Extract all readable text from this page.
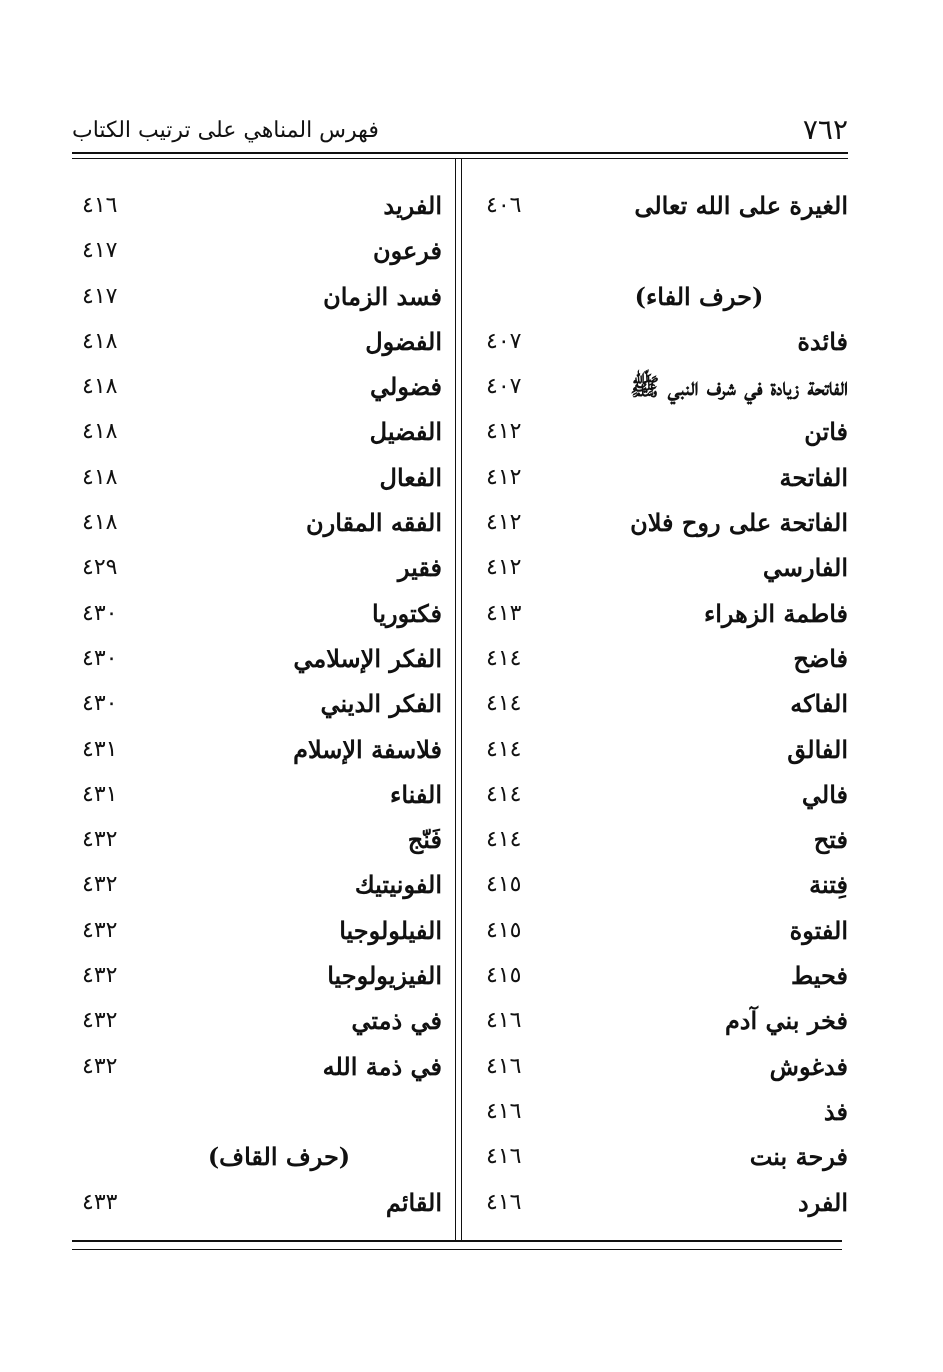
٧٦٢
فهرس المناهي على ترتيب الكتاب
الغيرة على الله تعالى
٤٠٦
(حرف الفاء)
فائدة
٤٠٧
الفاتحة زيادة في شرف النبي ﷺ
٤٠٧
فاتن
٤١٢
الفاتحة
٤١٢
الفاتحة على روح فلان
٤١٢
الفارسي
٤١٢
فاطمة الزهراء
٤١٣
فاضح
٤١٤
الفاكه
٤١٤
الفالق
٤١٤
فالي
٤١٤
فتح
٤١٤
فِتنة
٤١٥
الفتوة
٤١٥
فحيط
٤١٥
فخر بني آدم
٤١٦
فدغوش
٤١٦
فذ
٤١٦
فرحة بنت
٤١٦
الفرد
٤١٦
الفريد
٤١٦
فرعون
٤١٧
فسد الزمان
٤١٧
الفضول
٤١٨
فضولي
٤١٨
الفضيل
٤١٨
الفعال
٤١٨
الفقه المقارن
٤١٨
فقير
٤٢٩
فكتوريا
٤٣٠
الفكر الإسلامي
٤٣٠
الفكر الديني
٤٣٠
فلاسفة الإسلام
٤٣١
الفناء
٤٣١
فَنّج
٤٣٢
الفونيتيك
٤٣٢
الفيلولوجيا
٤٣٢
الفيزيولوجيا
٤٣٢
في ذمتي
٤٣٢
في ذمة الله
٤٣٢
(حرف القاف)
القائم
٤٣٣
